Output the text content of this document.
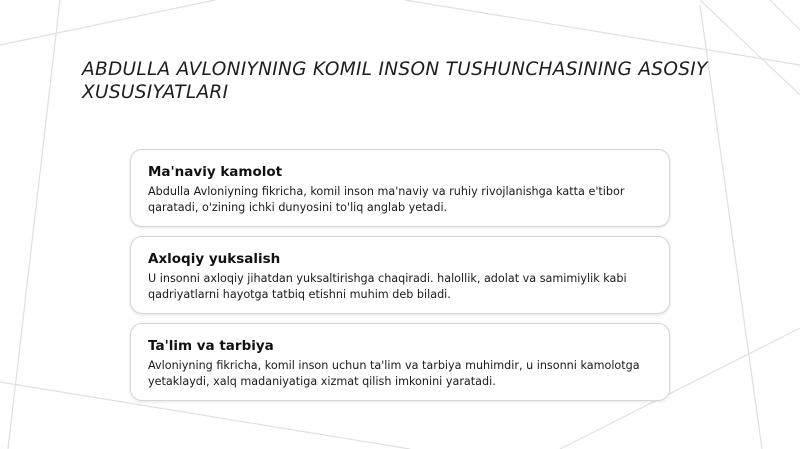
ABDULLA AVLONIYNING KOMIL INSON TUSHUNCHASINING ASOSIY XUSUSIYATLARI
Ma'naviy kamolot

Abdulla Avloniyning fikricha, komil inson ma'naviy va ruhiy rivojlanishga katta e'tibor qaratadi, o'zining ichki dunyosini to'liq anglab yetadi.

Axloqiy yuksalish

U insonni axloqiy jihatdan yuksaltirishga chaqiradi. halollik, adolat va samimiylik kabi qadriyatlarni hayotga tatbiq etishni muhim deb biladi.

Ta'lim va tarbiya

Avloniyning fikricha, komil inson uchun ta'lim va tarbiya muhimdir, u insonni kamolotga yetaklaydi, xalq madaniyatiga xizmat qilish imkonini yaratadi.
